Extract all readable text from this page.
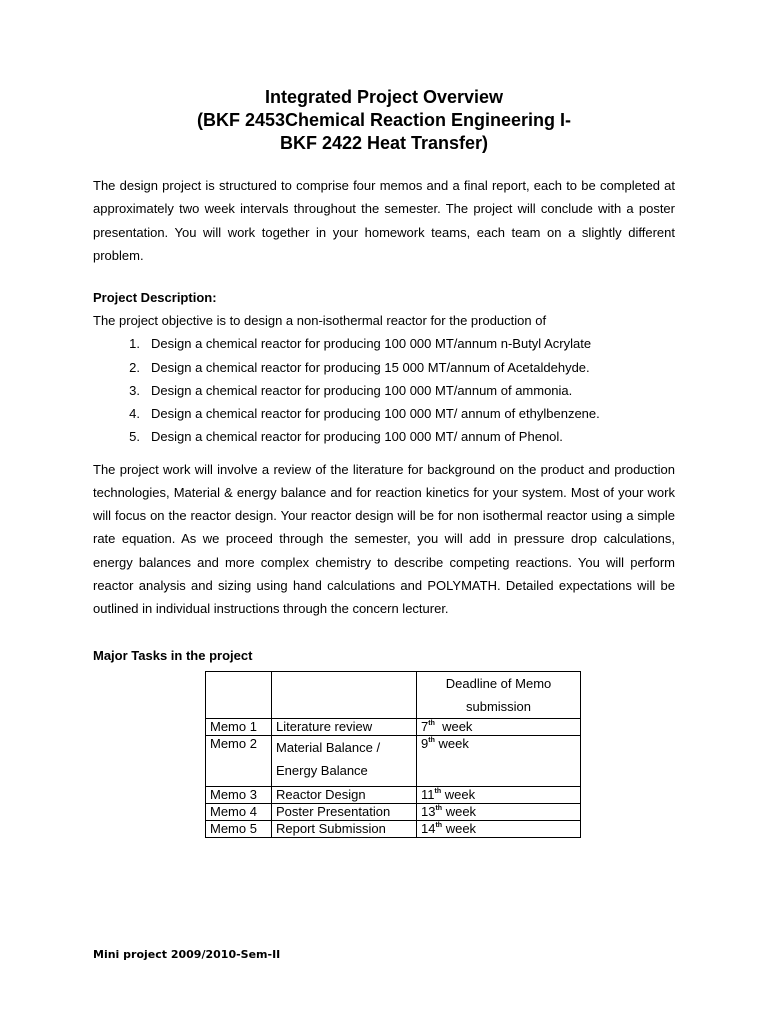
Integrated Project Overview
(BKF 2453Chemical Reaction Engineering I-
BKF 2422 Heat Transfer)

The design project is structured to comprise four memos and a final report, each to be completed at approximately two week intervals throughout the semester. The project will conclude with a poster presentation. You will work together in your homework teams, each team on a slightly different problem.

Project Description:

The project objective is to design a non-isothermal reactor for the production of

1. Design a chemical reactor for producing 100 000 MT/annum n-Butyl Acrylate
2. Design a chemical reactor for producing 15 000 MT/annum of Acetaldehyde.
3. Design a chemical reactor for producing 100 000 MT/annum of ammonia.
4. Design a chemical reactor for producing 100 000 MT/ annum of ethylbenzene.
5. Design a chemical reactor for producing 100 000 MT/ annum of Phenol.

The project work will involve a review of the literature for background on the product and production technologies, Material & energy balance and for reaction kinetics for your system. Most of your work will focus on the reactor design. Your reactor design will be for non isothermal reactor using a simple rate equation. As we proceed through the semester, you will add in pressure drop calculations, energy balances and more complex chemistry to describe competing reactions. You will perform reactor analysis and sizing using hand calculations and POLYMATH. Detailed expectations will be outlined in individual instructions through the concern lecturer.

Major Tasks in the project

		Deadline of Memo submission
Memo 1	Literature review	7th week
Memo 2	Material Balance / Energy Balance	9th week
Memo 3	Reactor Design	11th week
Memo 4	Poster Presentation	13th week
Memo 5	Report Submission	14th week
Mini project 2009/2010-Sem-II
